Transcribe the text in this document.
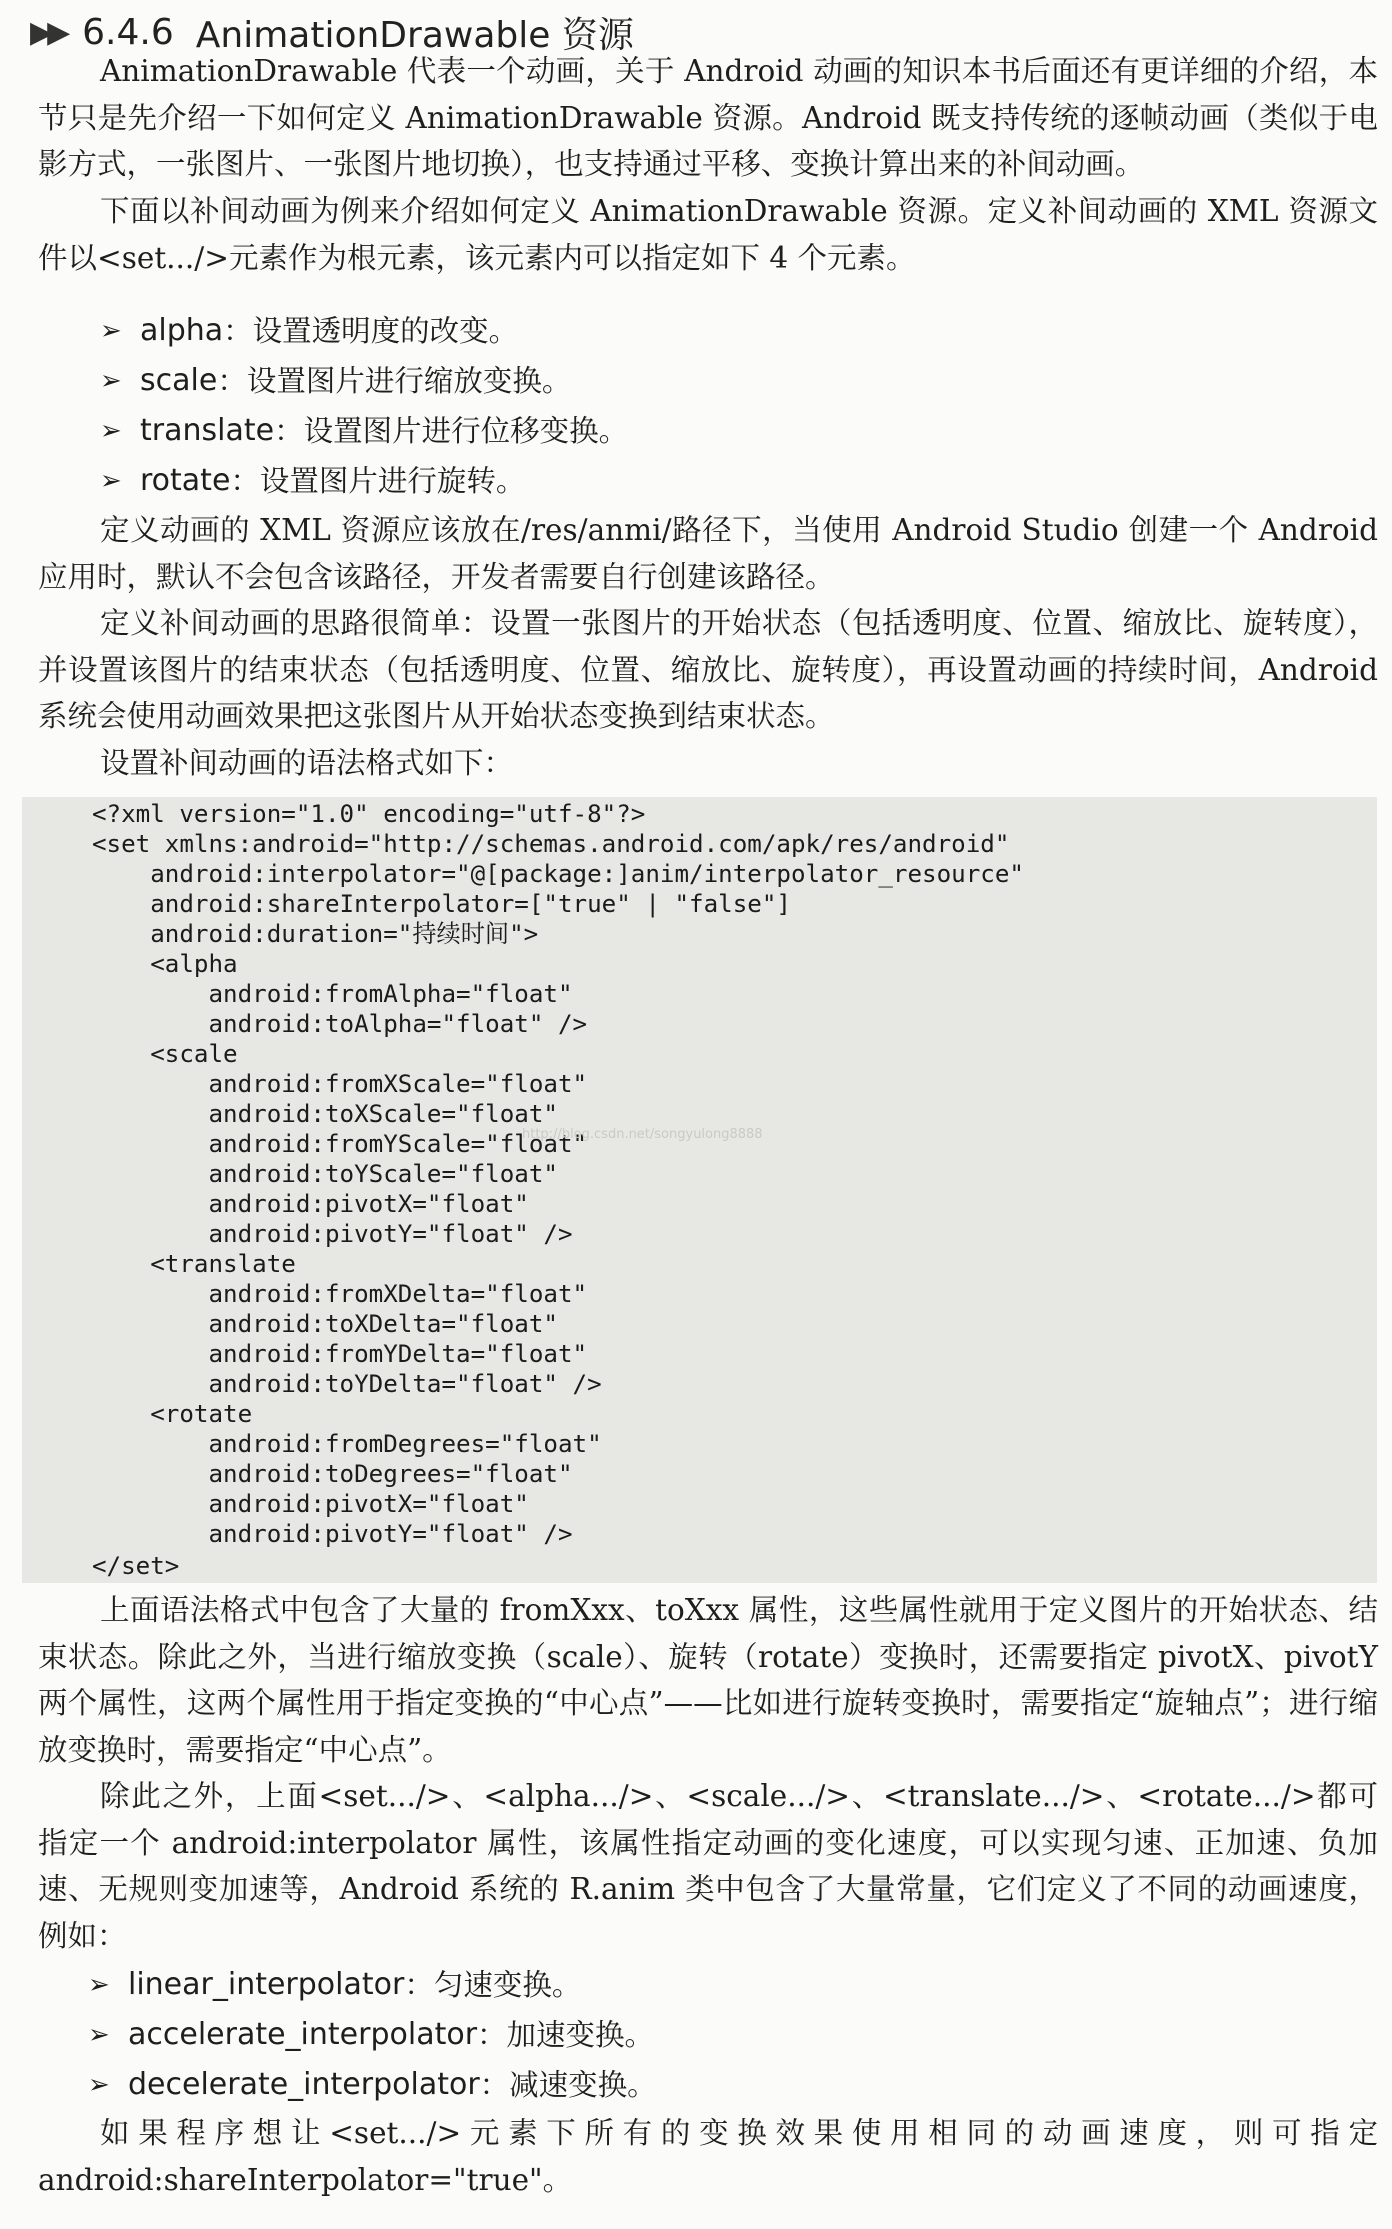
▶▶ 6.4.6 AnimationDrawable 资源

AnimationDrawable 代表一个动画，关于 Android 动画的知识本书后面还有更详细的介绍，本节只是先介绍一下如何定义 AnimationDrawable 资源。Android 既支持传统的逐帧动画（类似于电影方式，一张图片、一张图片地切换），也支持通过平移、变换计算出来的补间动画。

下面以补间动画为例来介绍如何定义 AnimationDrawable 资源。定义补间动画的 XML 资源文件以<set.../>元素作为根元素，该元素内可以指定如下 4 个元素。

➢ alpha ：设置透明度的改变。
➢ scale ：设置图片进行缩放变换。
➢ translate ：设置图片进行位移变换。
➢ rotate ：设置图片进行旋转。

定义动画的 XML 资源应该放在/res/anmi/路径下，当使用 Android Studio 创建一个 Android 应用时，默认不会包含该路径，开发者需要自行创建该路径。

定义补间动画的思路很简单：设置一张图片的开始状态（包括透明度、位置、缩放比、旋转度），并设置该图片的结束状态（包括透明度、位置、缩放比、旋转度），再设置动画的持续时间，Android 系统会使用动画效果把这张图片从开始状态变换到结束状态。

设置补间动画的语法格式如下：

<?xml version="1.0" encoding="utf-8"?>
<set xmlns:android="http://schemas.android.com/apk/res/android"
android:interpolator="@[package:]anim/interpolator_resource"
android:shareInterpolator=["true" | "false"]
android:duration="持续时间">
<alpha
android:fromAlpha="float"
android:toAlpha="float" />
<scale
android:fromXScale="float"
android:toXScale="float"
android:fromYScale="float"
android:toYScale="float"
android:pivotX="float"
android:pivotY="float" />
<translate
android:fromXDelta="float"
android:toXDelta="float"
android:fromYDelta="float"
android:toYDelta="float" />
<rotate
android:fromDegrees="float"
android:toDegrees="float"
android:pivotX="float"
android:pivotY="float" />
http://blog.csdn.net/songyulong8888

</set>

上面语法格式中包含了大量的 fromXxx、toXxx 属性，这些属性就用于定义图片的开始状态、结束状态。除此之外，当进行缩放变换（scale）、旋转（rotate）变换时，还需要指定 pivotX、pivotY 两个属性，这两个属性用于指定变换的“中心点”——比如进行旋转变换时，需要指定“旋轴点”；进行缩放变换时，需要指定“中心点”。

除此之外，上面<set.../>、<alpha.../>、<scale.../>、<translate.../>、<rotate.../>都可指定一个 android:interpolator 属性，该属性指定动画的变化速度，可以实现匀速、正加速、负加速、无规则变加速等，Android 系统的 R.anim 类中包含了大量常量，它们定义了不同的动画速度，例如：

➢ linear_interpolator ：匀速变换。
➢ accelerate_interpolator ：加速变换。
➢ decelerate_interpolator ：减速变换。

如果程序想让<set.../>元素下所有的变换效果使用相同的动画速度，则可指定 android:shareInterpolator="true"。
